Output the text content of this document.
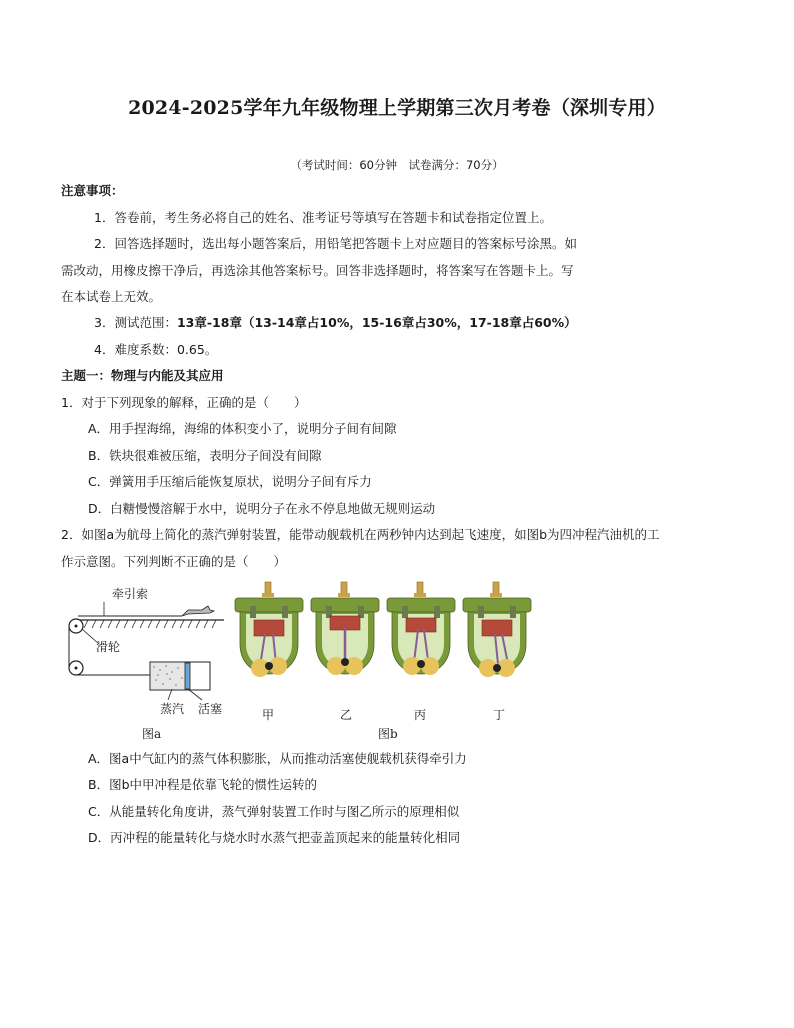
2024-2025学年九年级物理上学期第三次月考卷（深圳专用）
（考试时间：60分钟　试卷满分：70分）
注意事项：
1．答卷前，考生务必将自己的姓名、准考证号等填写在答题卡和试卷指定位置上。
2．回答选择题时，选出每小题答案后，用铅笔把答题卡上对应题目的答案标号涂黑。如
需改动，用橡皮擦干净后，再选涂其他答案标号。回答非选择题时，将答案写在答题卡上。写
在本试卷上无效。
3．测试范围：13章-18章（13-14章占10%，15-16章占30%，17-18章占60%）
4．难度系数：0.65。
主题一：物理与内能及其应用
1．对于下列现象的解释，正确的是（　　）
A．用手捏海绵，海绵的体积变小了，说明分子间有间隙
B．铁块很难被压缩，表明分子间没有间隙
C．弹簧用手压缩后能恢复原状，说明分子间有斥力
D．白糖慢慢溶解于水中，说明分子在永不停息地做无规则运动
2．如图a为航母上简化的蒸汽弹射装置，能带动舰载机在两秒钟内达到起飞速度，如图b为四冲程汽油机的工
作示意图。下列判断不正确的是（　　）
牵引索
滑轮
蒸汽 活塞
图a
甲	乙	丙	丁
图b
A．图a中气缸内的蒸气体积膨胀，从而推动活塞使舰载机获得牵引力
B．图b中甲冲程是依靠飞轮的惯性运转的
C．从能量转化角度讲，蒸气弹射装置工作时与图乙所示的原理相似
D．丙冲程的能量转化与烧水时水蒸气把壶盖顶起来的能量转化相同
